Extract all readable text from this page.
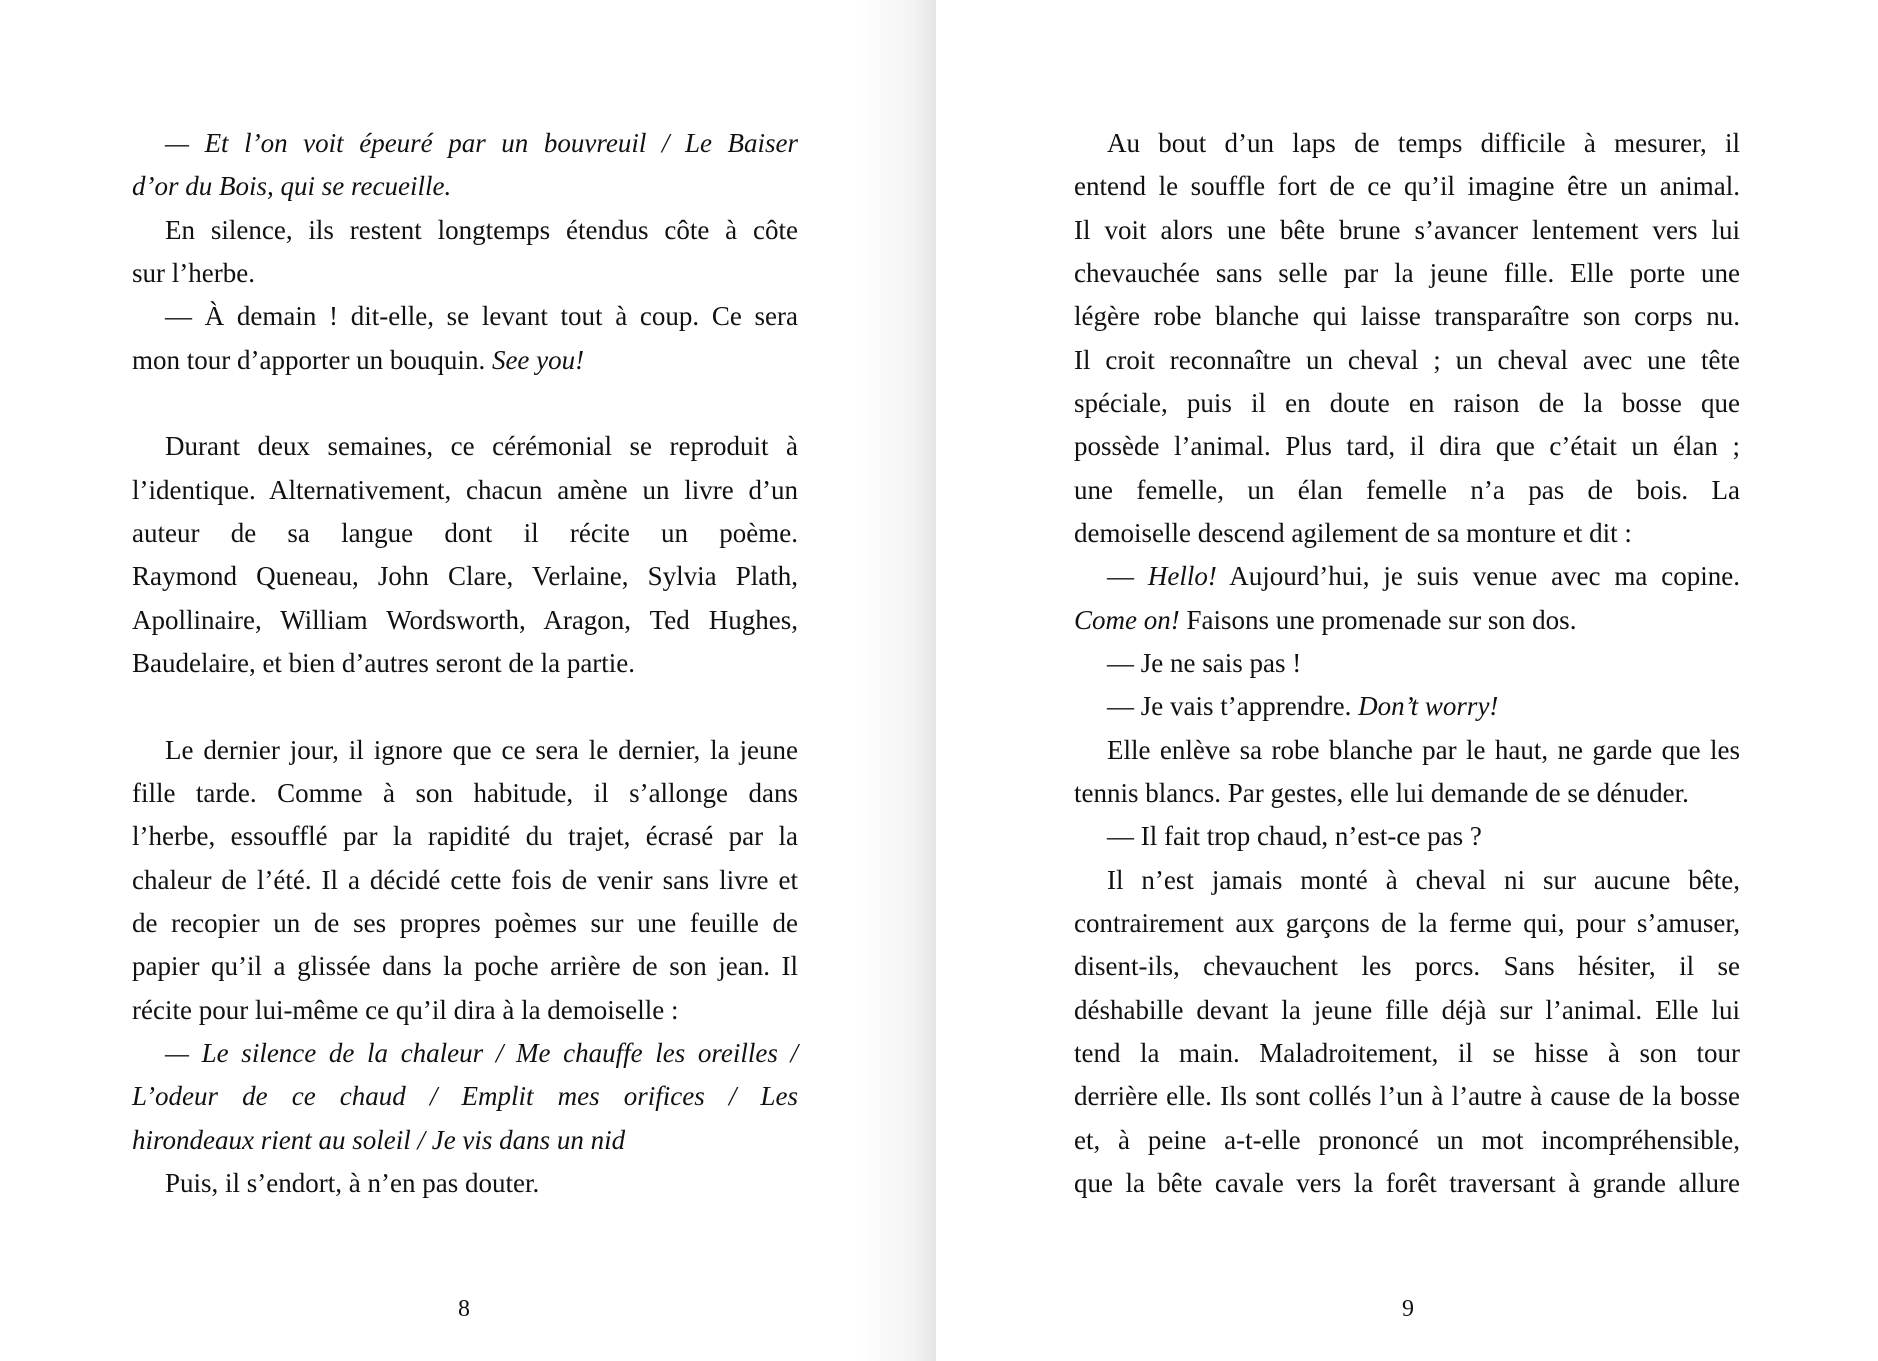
— Et l’on voit épeuré par un bouvreuil / Le Baiser
d’or du Bois, qui se recueille.
En silence, ils restent longtemps étendus côte à côte
sur l’herbe.
— À demain ! dit-elle, se levant tout à coup. Ce sera
mon tour d’apporter un bouquin. See you!
Durant deux semaines, ce cérémonial se reproduit à
l’identique. Alternativement, chacun amène un livre d’un
auteur de sa langue dont il récite un poème.
Raymond Queneau, John Clare, Verlaine, Sylvia Plath,
Apollinaire, William Wordsworth, Aragon, Ted Hughes,
Baudelaire, et bien d’autres seront de la partie.
Le dernier jour, il ignore que ce sera le dernier, la jeune
fille tarde. Comme à son habitude, il s’allonge dans
l’herbe, essoufflé par la rapidité du trajet, écrasé par la
chaleur de l’été. Il a décidé cette fois de venir sans livre et
de recopier un de ses propres poèmes sur une feuille de
papier qu’il a glissée dans la poche arrière de son jean. Il
récite pour lui-même ce qu’il dira à la demoiselle :
— Le silence de la chaleur / Me chauffe les oreilles /
L’odeur de ce chaud / Emplit mes orifices / Les
hirondeaux rient au soleil / Je vis dans un nid
Puis, il s’endort, à n’en pas douter.
8
Au bout d’un laps de temps difficile à mesurer, il
entend le souffle fort de ce qu’il imagine être un animal.
Il voit alors une bête brune s’avancer lentement vers lui
chevauchée sans selle par la jeune fille. Elle porte une
légère robe blanche qui laisse transparaître son corps nu.
Il croit reconnaître un cheval ; un cheval avec une tête
spéciale, puis il en doute en raison de la bosse que
possède l’animal. Plus tard, il dira que c’était un élan ;
une femelle, un élan femelle n’a pas de bois. La
demoiselle descend agilement de sa monture et dit :
— Hello! Aujourd’hui, je suis venue avec ma copine.
Come on! Faisons une promenade sur son dos.
— Je ne sais pas !
— Je vais t’apprendre. Don’t worry!
Elle enlève sa robe blanche par le haut, ne garde que les
tennis blancs. Par gestes, elle lui demande de se dénuder.
— Il fait trop chaud, n’est-ce pas ?
Il n’est jamais monté à cheval ni sur aucune bête,
contrairement aux garçons de la ferme qui, pour s’amuser,
disent-ils, chevauchent les porcs. Sans hésiter, il se
déshabille devant la jeune fille déjà sur l’animal. Elle lui
tend la main. Maladroitement, il se hisse à son tour
derrière elle. Ils sont collés l’un à l’autre à cause de la bosse
et, à peine a-t-elle prononcé un mot incompréhensible,
que la bête cavale vers la forêt traversant à grande allure
9
